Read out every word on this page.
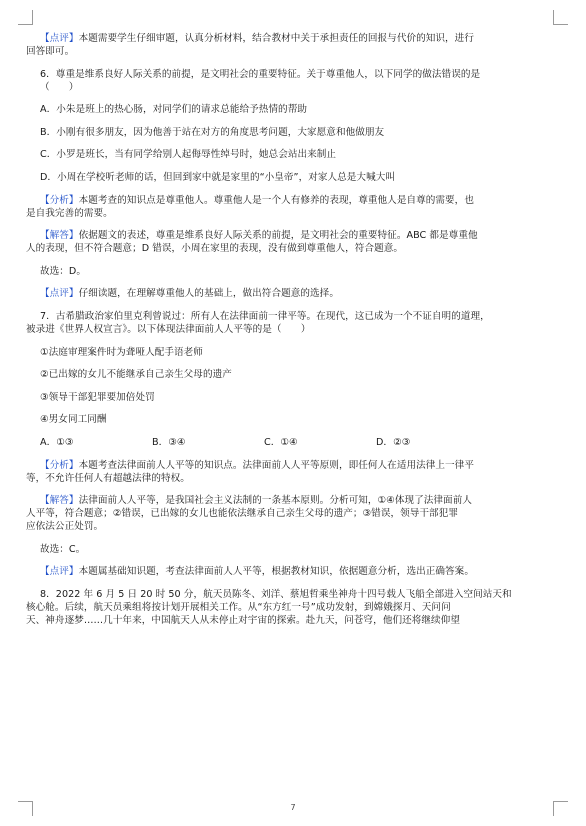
【点评】本题需要学生仔细审题，认真分析材料，结合教材中关于承担责任的回报与代价的知识，进行

回答即可。

6．尊重是维系良好人际关系的前提，是文明社会的重要特征。关于尊重他人，以下同学的做法错误的是

（　　）

A．小朱是班上的热心肠，对同学们的请求总能给予热情的帮助

B．小刚有很多朋友，因为他善于站在对方的角度思考问题，大家愿意和他做朋友

C．小罗是班长，当有同学给别人起侮辱性绰号时，她总会站出来制止

D．小周在学校听老师的话，但回到家中就是家里的“小皇帝”，对家人总是大喊大叫

【分析】本题考查的知识点是尊重他人。尊重他人是一个人有修养的表现，尊重他人是自尊的需要，也

是自我完善的需要。

【解答】依据题文的表述，尊重是维系良好人际关系的前提，是文明社会的重要特征。ABC 都是尊重他

人的表现，但不符合题意；D 错误，小周在家里的表现，没有做到尊重他人，符合题意。

故选：D。

【点评】仔细读题，在理解尊重他人的基础上，做出符合题意的选择。

7．古希腊政治家伯里克利曾说过：所有人在法律面前一律平等。在现代，这已成为一个不证自明的道理，

被录进《世界人权宣言》。以下体现法律面前人人平等的是（　　）

①法庭审理案件时为聋哑人配手语老师

②已出嫁的女儿不能继承自己亲生父母的遗产

③领导干部犯罪要加倍处罚

④男女同工同酬

A．①③	B．③④	C．①④	D．②③

【分析】本题考查法律面前人人平等的知识点。法律面前人人平等原则，即任何人在适用法律上一律平

等，不允许任何人有超越法律的特权。

【解答】法律面前人人平等，是我国社会主义法制的一条基本原则。分析可知，①④体现了法律面前人

人平等，符合题意；②错误，已出嫁的女儿也能依法继承自己亲生父母的遗产；③错误，领导干部犯罪

应依法公正处罚。

故选：C。

【点评】本题属基础知识题，考查法律面前人人平等，根据教材知识，依据题意分析，选出正确答案。

8．2022 年 6 月 5 日 20 时 50 分，航天员陈冬、刘洋、蔡旭哲乘坐神舟十四号载人飞船全部进入空间站天和

核心舱。后续，航天员乘组将按计划开展相关工作。从“东方红一号”成功发射，到嫦娥探月、天问问

天、神舟逐梦……几十年来，中国航天人从未停止对宇宙的探索。赴九天，问苍穹，他们还将继续仰望

7
